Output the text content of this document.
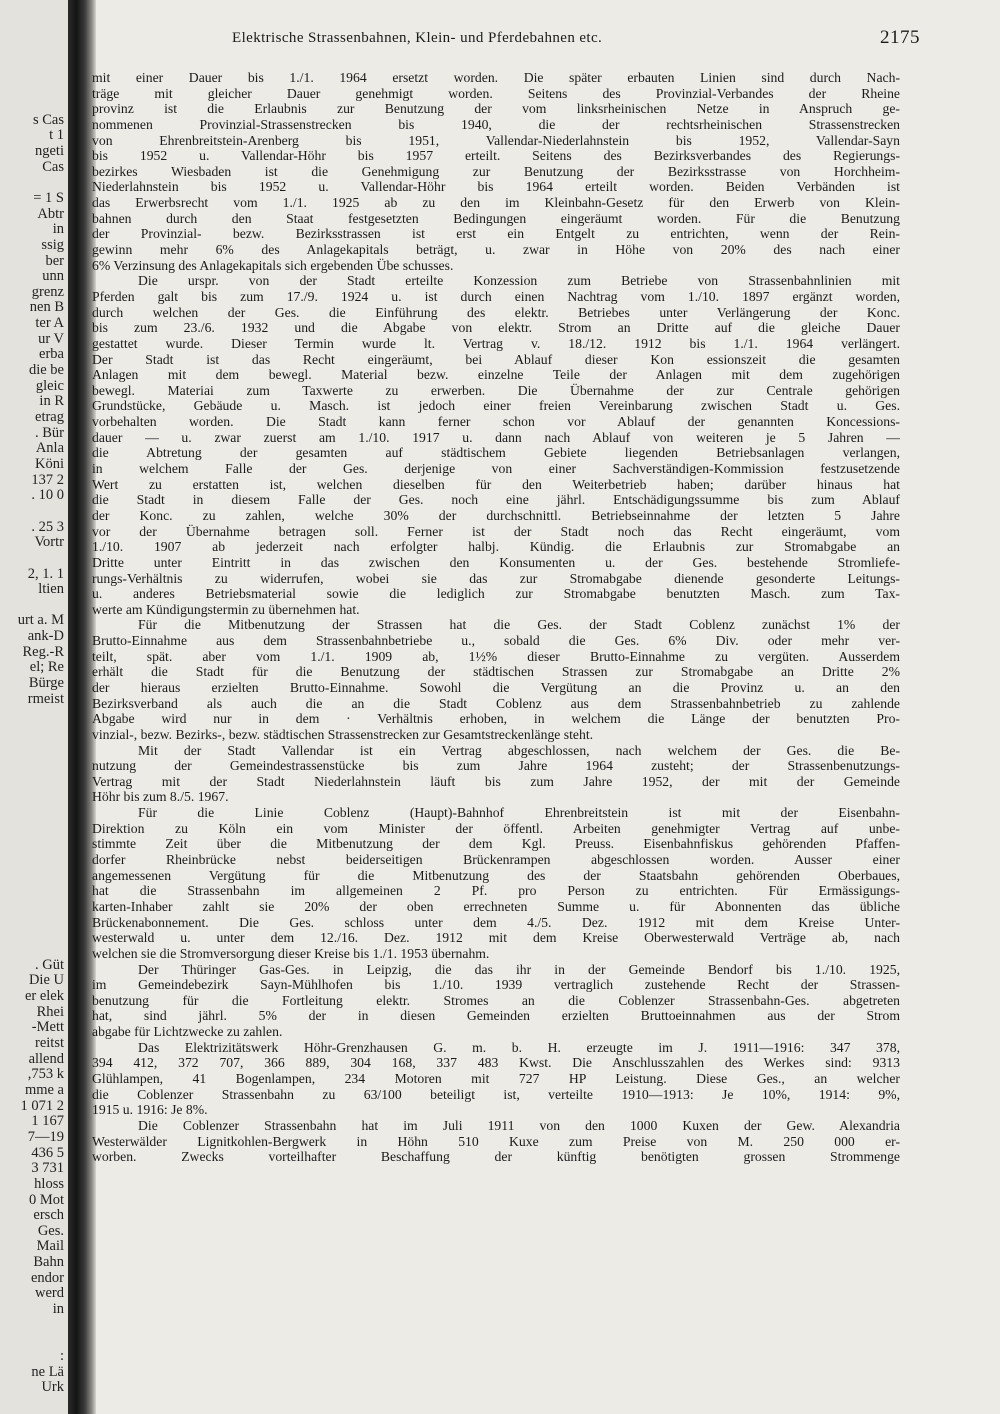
s Cas
t 1
ngeti
Cas
= 1 S
Abtr
in
ssig
ber
unn
grenz
nen B
ter A
ur V
erba
die be
gleic
in R
etrag
. Bür
Anla
Köni
137 2
. 10 0
. 25 3
Vortr
2, 1. 1
ltien
urt a. M
ank-D
Reg.-R
el; Re
Bürge
rmeist
. Güt
Die U
er elek
Rhei
-Mett
reitst
allend
,753 k
mme a
1 071 2
1 167
7—19
436 5
3 731
hloss
0 Mot
ersch
Ges.
Mail
Bahn
endor
werd
in
:
ne Lä
Urk
Elektrische Strassenbahnen, Klein- und Pferdebahnen etc.	2175
mit einer Dauer bis 1./1. 1964 ersetzt worden. Die später erbauten Linien sind durch Nach-
träge mit gleicher Dauer genehmigt worden. Seitens des Provinzial-Verbandes der Rheine
provinz ist die Erlaubnis zur Benutzung der vom linksrheinischen Netze in Anspruch ge-
nommenen Provinzial-Strassenstrecken bis 1940, die der rechtsrheinischen Strassenstrecken
von Ehrenbreitstein-Arenberg bis 1951, Vallendar-Niederlahnstein bis 1952, Vallendar-Sayn
bis 1952 u. Vallendar-Höhr bis 1957 erteilt. Seitens des Bezirksverbandes des Regierungs-
bezirkes Wiesbaden ist die Genehmigung zur Benutzung der Bezirksstrasse von Horchheim-
Niederlahnstein bis 1952 u. Vallendar-Höhr bis 1964 erteilt worden. Beiden Verbänden ist
das Erwerbsrecht vom 1./1. 1925 ab zu den im Kleinbahn-Gesetz für den Erwerb von Klein-
bahnen durch den Staat festgesetzten Bedingungen eingeräumt worden. Für die Benutzung
der Provinzial- bezw. Bezirksstrassen ist erst ein Entgelt zu entrichten, wenn der Rein-
gewinn mehr 6% des Anlagekapitals beträgt, u. zwar in Höhe von 20% des nach einer
6% Verzinsung des Anlagekapitals sich ergebenden Übe schusses.
Die urspr. von der Stadt erteilte Konzession zum Betriebe von Strassenbahnlinien mit
Pferden galt bis zum 17./9. 1924 u. ist durch einen Nachtrag vom 1./10. 1897 ergänzt worden,
durch welchen der Ges. die Einführung des elektr. Betriebes unter Verlängerung der Konc.
bis zum 23./6. 1932 und die Abgabe von elektr. Strom an Dritte auf die gleiche Dauer
gestattet wurde. Dieser Termin wurde lt. Vertrag v. 18./12. 1912 bis 1./1. 1964 verlängert.
Der Stadt ist das Recht eingeräumt, bei Ablauf dieser Kon essionszeit die gesamten
Anlagen mit dem bewegl. Material bezw. einzelne Teile der Anlagen mit dem zugehörigen
bewegl. Materiai zum Taxwerte zu erwerben. Die Übernahme der zur Centrale gehörigen
Grundstücke, Gebäude u. Masch. ist jedoch einer freien Vereinbarung zwischen Stadt u. Ges.
vorbehalten worden. Die Stadt kann ferner schon vor Ablauf der genannten Koncessions-
dauer — u. zwar zuerst am 1./10. 1917 u. dann nach Ablauf von weiteren je 5 Jahren —
die Abtretung der gesamten auf städtischem Gebiete liegenden Betriebsanlagen verlangen,
in welchem Falle der Ges. derjenige von einer Sachverständigen-Kommission festzusetzende
Wert zu erstatten ist, welchen dieselben für den Weiterbetrieb haben; darüber hinaus hat
die Stadt in diesem Falle der Ges. noch eine jährl. Entschädigungssumme bis zum Ablauf
der Konc. zu zahlen, welche 30% der durchschnittl. Betriebseinnahme der letzten 5 Jahre
vor der Übernahme betragen soll. Ferner ist der Stadt noch das Recht eingeräumt, vom
1./10. 1907 ab jederzeit nach erfolgter halbj. Kündig. die Erlaubnis zur Stromabgabe an
Dritte unter Eintritt in das zwischen den Konsumenten u. der Ges. bestehende Stromliefe-
rungs-Verhältnis zu widerrufen, wobei sie das zur Stromabgabe dienende gesonderte Leitungs-
u. anderes Betriebsmaterial sowie die lediglich zur Stromabgabe benutzten Masch. zum Tax-
werte am Kündigungstermin zu übernehmen hat.
Für die Mitbenutzung der Strassen hat die Ges. der Stadt Coblenz zunächst 1% der
Brutto-Einnahme aus dem Strassenbahnbetriebe u., sobald die Ges. 6% Div. oder mehr ver-
teilt, spät. aber vom 1./1. 1909 ab, 1½% dieser Brutto-Einnahme zu vergüten. Ausserdem
erhält die Stadt für die Benutzung der städtischen Strassen zur Stromabgabe an Dritte 2%
der hieraus erzielten Brutto-Einnahme. Sowohl die Vergütung an die Provinz u. an den
Bezirksverband als auch die an die Stadt Coblenz aus dem Strassenbahnbetrieb zu zahlende
Abgabe wird nur in dem · Verhältnis erhoben, in welchem die Länge der benutzten Pro-
vinzial-, bezw. Bezirks-, bezw. städtischen Strassenstrecken zur Gesamtstreckenlänge steht.
Mit der Stadt Vallendar ist ein Vertrag abgeschlossen, nach welchem der Ges. die Be-
nutzung der Gemeindestrassenstücke bis zum Jahre 1964 zusteht; der Strassenbenutzungs-
Vertrag mit der Stadt Niederlahnstein läuft bis zum Jahre 1952, der mit der Gemeinde
Höhr bis zum 8./5. 1967.
Für die Linie Coblenz (Haupt)-Bahnhof Ehrenbreitstein ist mit der Eisenbahn-
Direktion zu Köln ein vom Minister der öffentl. Arbeiten genehmigter Vertrag auf unbe-
stimmte Zeit über die Mitbenutzung der dem Kgl. Preuss. Eisenbahnfiskus gehörenden Pfaffen-
dorfer Rheinbrücke nebst beiderseitigen Brückenrampen abgeschlossen worden. Ausser einer
angemessenen Vergütung für die Mitbenutzung des der Staatsbahn gehörenden Oberbaues,
hat die Strassenbahn im allgemeinen 2 Pf. pro Person zu entrichten. Für Ermässigungs-
karten-Inhaber zahlt sie 20% der oben errechneten Summe u. für Abonnenten das übliche
Brückenabonnement. Die Ges. schloss unter dem 4./5. Dez. 1912 mit dem Kreise Unter-
westerwald u. unter dem 12./16. Dez. 1912 mit dem Kreise Oberwesterwald Verträge ab, nach
welchen sie die Stromversorgung dieser Kreise bis 1./1. 1953 übernahm.
Der Thüringer Gas-Ges. in Leipzig, die das ihr in der Gemeinde Bendorf bis 1./10. 1925,
im Gemeindebezirk Sayn-Mühlhofen bis 1./10. 1939 vertraglich zustehende Recht der Strassen-
benutzung für die Fortleitung elektr. Stromes an die Coblenzer Strassenbahn-Ges. abgetreten
hat, sind jährl. 5% der in diesen Gemeinden erzielten Bruttoeinnahmen aus der Strom
abgabe für Lichtzwecke zu zahlen.
Das Elektrizitätswerk Höhr-Grenzhausen G. m. b. H. erzeugte im J. 1911—1916: 347 378,
394 412, 372 707, 366 889, 304 168, 337 483 Kwst. Die Anschlusszahlen des Werkes sind: 9313
Glühlampen, 41 Bogenlampen, 234 Motoren mit 727 HP Leistung. Diese Ges., an welcher
die Coblenzer Strassenbahn zu 63/100 beteiligt ist, verteilte 1910—1913: Je 10%, 1914: 9%,
1915 u. 1916: Je 8%.
Die Coblenzer Strassenbahn hat im Juli 1911 von den 1000 Kuxen der Gew. Alexandria
Westerwälder Lignitkohlen-Bergwerk in Höhn 510 Kuxe zum Preise von M. 250 000 er-
worben. Zwecks vorteilhafter Beschaffung der künftig benötigten grossen Strommenge
